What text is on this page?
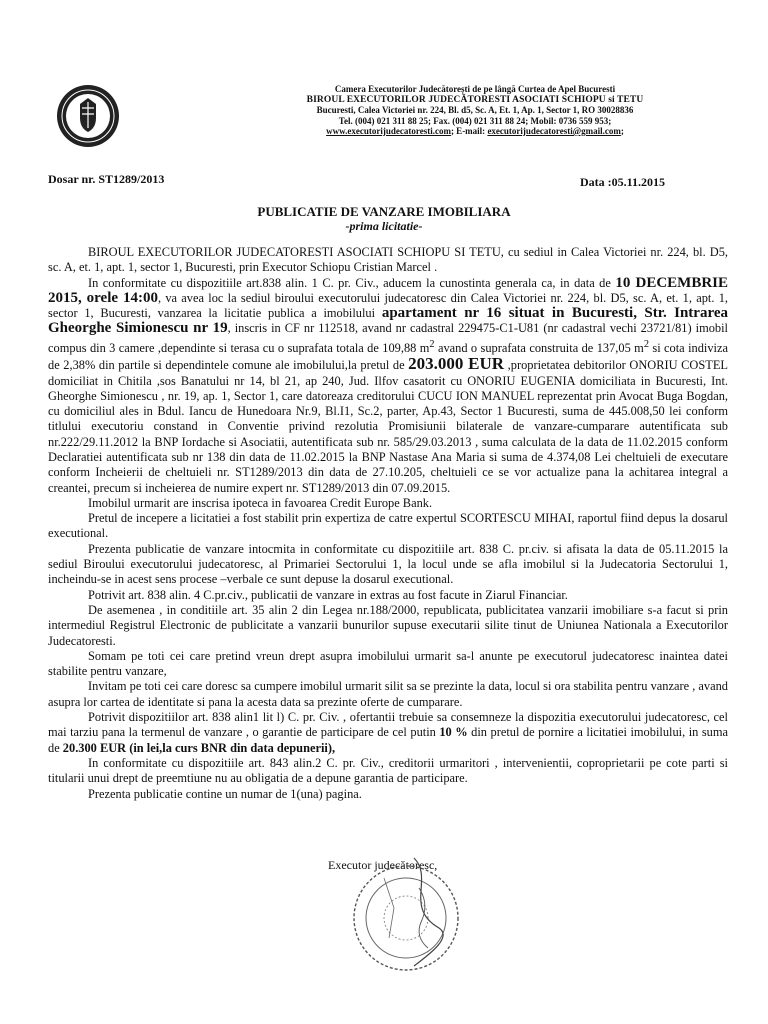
Camera Executorilor Judecătorești de pe lângă Curtea de Apel Bucuresti
BIROUL EXECUTORILOR JUDECĂTORESTI ASOCIATI SCHIOPU si TETU
Bucuresti, Calea Victoriei nr. 224, Bl. d5, Sc. A, Et. 1, Ap. 1, Sector 1, RO 30028836
Tel. (004) 021 311 88 25; Fax. (004) 021 311 88 24; Mobil: 0736 559 953;
www.executorijudecatoresti.com; E-mail: executorijudecatoresti@gmail.com;
Dosar nr. ST1289/2013	Data :05.11.2015
PUBLICATIE DE VANZARE IMOBILIARA
-prima licitatie-

BIROUL EXECUTORILOR JUDECATORESTI ASOCIATI SCHIOPU SI TETU, cu sediul in Calea Victoriei nr. 224, bl. D5, sc. A, et. 1, apt. 1, sector 1, Bucuresti, prin Executor Schiopu Cristian Marcel .

In conformitate cu dispozitiile art.838 alin. 1 C. pr. Civ., aducem la cunostinta generala ca, in data de 10 DECEMBRIE 2015, orele 14:00, va avea loc la sediul biroului executorului judecatoresc din Calea Victoriei nr. 224, bl. D5, sc. A, et. 1, apt. 1, sector 1, Bucuresti, vanzarea la licitatie publica a imobilului apartament nr 16 situat in Bucuresti, Str. Intrarea Gheorghe Simionescu nr 19, inscris in CF nr 112518, avand nr cadastral 229475-C1-U81 (nr cadastral vechi 23721/81) imobil compus din 3 camere ,dependinte si terasa cu o suprafata totala de 109,88 $m^2$ avand o suprafata construita de 137,05 $m^2$ si cota indiviza de 2,38% din partile si dependintele comune ale imobilului,la pretul de 203.000 EUR ,proprietatea debitorilor ONORIU COSTEL domiciliat in Chitila ,sos Banatului nr 14, bl 21, ap 240, Jud. Ilfov casatorit cu ONORIU EUGENIA domiciliata in Bucuresti, Int. Gheorghe Simionescu , nr. 19, ap. 1, Sector 1, care datoreaza creditorului CUCU ION MANUEL reprezentat prin Avocat Buga Bogdan, cu domiciliul ales in Bdul. Iancu de Hunedoara Nr.9, Bl.I1, Sc.2, parter, Ap.43, Sector 1 Bucuresti, suma de 445.008,50 lei conform titlului executoriu constand in Conventie privind rezolutia Promisiunii bilaterale de vanzare-cumparare autentificata sub nr.222/29.11.2012 la BNP Iordache si Asociatii, autentificata sub nr. 585/29.03.2013 , suma calculata de la data de 11.02.2015 conform Declaratiei autentificata sub nr 138 din data de 11.02.2015 la BNP Nastase Ana Maria si suma de 4.374,08 Lei cheltuieli de executare conform Incheierii de cheltuieli nr. ST1289/2013 din data de 27.10.205, cheltuieli ce se vor actualize pana la achitarea integral a creantei, precum si incheierea de numire expert nr. ST1289/2013 din 07.09.2015.

Imobilul urmarit are inscrisa ipoteca in favoarea Credit Europe Bank.

Pretul de incepere a licitatiei a fost stabilit prin expertiza de catre expertul SCORTESCU MIHAI, raportul fiind depus la dosarul executional.

Prezenta publicatie de vanzare intocmita in conformitate cu dispozitiile art. 838 C. pr.civ. si afisata la data de 05.11.2015 la sediul Biroului executorului judecatoresc, al Primariei Sectorului 1, la locul unde se afla imobilul si la Judecatoria Sectorului 1, incheindu-se in acest sens procese –verbale ce sunt depuse la dosarul executional.

Potrivit art. 838 alin. 4 C.pr.civ., publicatii de vanzare in extras au fost facute in Ziarul Financiar.

De asemenea , in conditiile art. 35 alin 2 din Legea nr.188/2000, republicata, publicitatea vanzarii imobiliare s-a facut si prin intermediul Registrul Electronic de publicitate a vanzarii bunurilor supuse executarii silite tinut de Uniunea Nationala a Executorilor Judecatoresti.

Somam pe toti cei care pretind vreun drept asupra imobilului urmarit sa-l anunte pe executorul judecatoresc inaintea datei stabilite pentru vanzare,

Invitam pe toti cei care doresc sa cumpere imobilul urmarit silit sa se prezinte la data, locul si ora stabilita pentru vanzare , avand asupra lor cartea de identitate si pana la acesta data sa prezinte oferte de cumparare.

Potrivit dispozitiilor art. 838 alin1 lit l) C. pr. Civ. , ofertantii trebuie sa consemneze la dispozitia executorului judecatoresc, cel mai tarziu pana la termenul de vanzare , o garantie de participare de cel putin 10 % din pretul de pornire a licitatiei imobilului, in suma de 20.300 EUR (in lei,la curs BNR din data depunerii),

In conformitate cu dispozitiile art. 843 alin.2 C. pr. Civ., creditorii urmaritori , intervenientii, coproprietarii pe cote parti si titularii unui drept de preemtiune nu au obligatia de a depune garantia de participare.

Prezenta publicatie contine un numar de 1(una) pagina.

Executor judecătoresc,
